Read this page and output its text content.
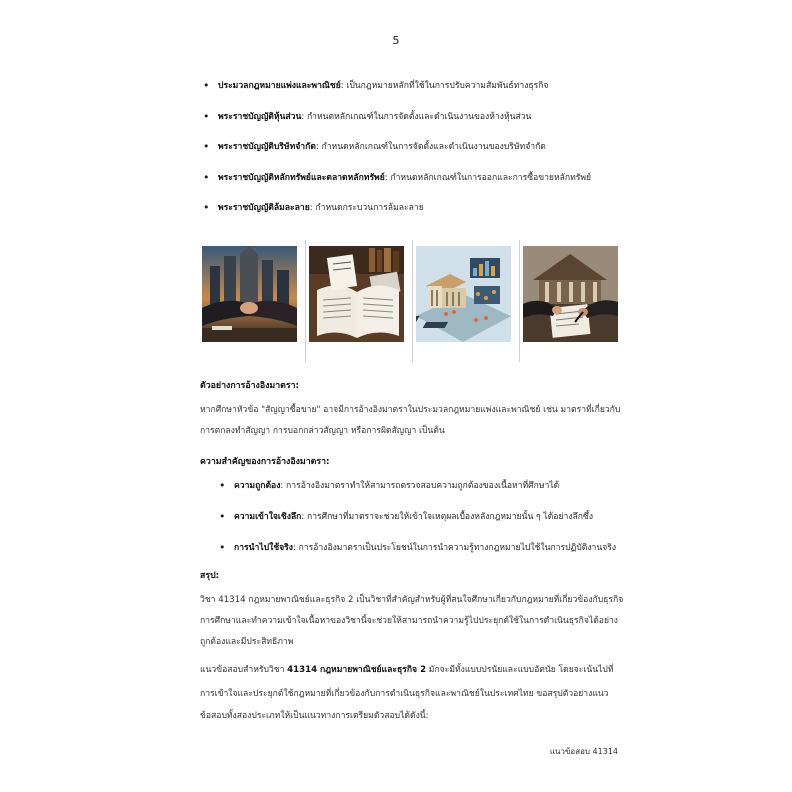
5
• ประมวลกฎหมายแพ่งและพาณิชย์: เป็นกฎหมายหลักที่ใช้ในการปรับความสัมพันธ์ทางธุรกิจ
• พระราชบัญญัติหุ้นส่วน: กำหนดหลักเกณฑ์ในการจัดตั้งและดำเนินงานของห้างหุ้นส่วน
• พระราชบัญญัติบริษัทจำกัด: กำหนดหลักเกณฑ์ในการจัดตั้งและดำเนินงานของบริษัทจำกัด
• พระราชบัญญัติหลักทรัพย์และตลาดหลักทรัพย์: กำหนดหลักเกณฑ์ในการออกและการซื้อขายหลักทรัพย์
• พระราชบัญญัติล้มละลาย: กำหนดกระบวนการล้มละลาย
ตัวอย่างการอ้างอิงมาตรา:
หากศึกษาหัวข้อ "สัญญาซื้อขาย" อาจมีการอ้างอิงมาตราในประมวลกฎหมายแพ่งและพาณิชย์ เช่น มาตราที่เกี่ยวกับ
การตกลงทำสัญญา การบอกกล่าวสัญญา หรือการผิดสัญญา เป็นต้น
ความสำคัญของการอ้างอิงมาตรา:
• ความถูกต้อง: การอ้างอิงมาตราทำให้สามารถตรวจสอบความถูกต้องของเนื้อหาที่ศึกษาได้
• ความเข้าใจเชิงลึก: การศึกษาที่มาตราจะช่วยให้เข้าใจเหตุผลเบื้องหลังกฎหมายนั้น ๆ ได้อย่างลึกซึ้ง
• การนำไปใช้จริง: การอ้างอิงมาตราเป็นประโยชน์ในการนำความรู้ทางกฎหมายไปใช้ในการปฏิบัติงานจริง
สรุป:
วิชา 41314 กฎหมายพาณิชย์และธุรกิจ 2 เป็นวิชาที่สำคัญสำหรับผู้ที่สนใจศึกษาเกี่ยวกับกฎหมายที่เกี่ยวข้องกับธุรกิจ
การศึกษาและทำความเข้าใจเนื้อหาของวิชานี้จะช่วยให้สามารถนำความรู้ไปประยุกต์ใช้ในการดำเนินธุรกิจได้อย่าง
ถูกต้องและมีประสิทธิภาพ
แนวข้อสอบสำหรับวิชา 41314 กฎหมายพาณิชย์และธุรกิจ 2 มักจะมีทั้งแบบปรนัยและแบบอัตนัย โดยจะเน้นไปที่
การเข้าใจและประยุกต์ใช้กฎหมายที่เกี่ยวข้องกับการดำเนินธุรกิจและพาณิชย์ในประเทศไทย ขอสรุปตัวอย่างแนว
ข้อสอบทั้งสองประเภทให้เป็นแนวทางการเตรียมตัวสอบได้ดังนี้:
แนวข้อสอบ 41314
